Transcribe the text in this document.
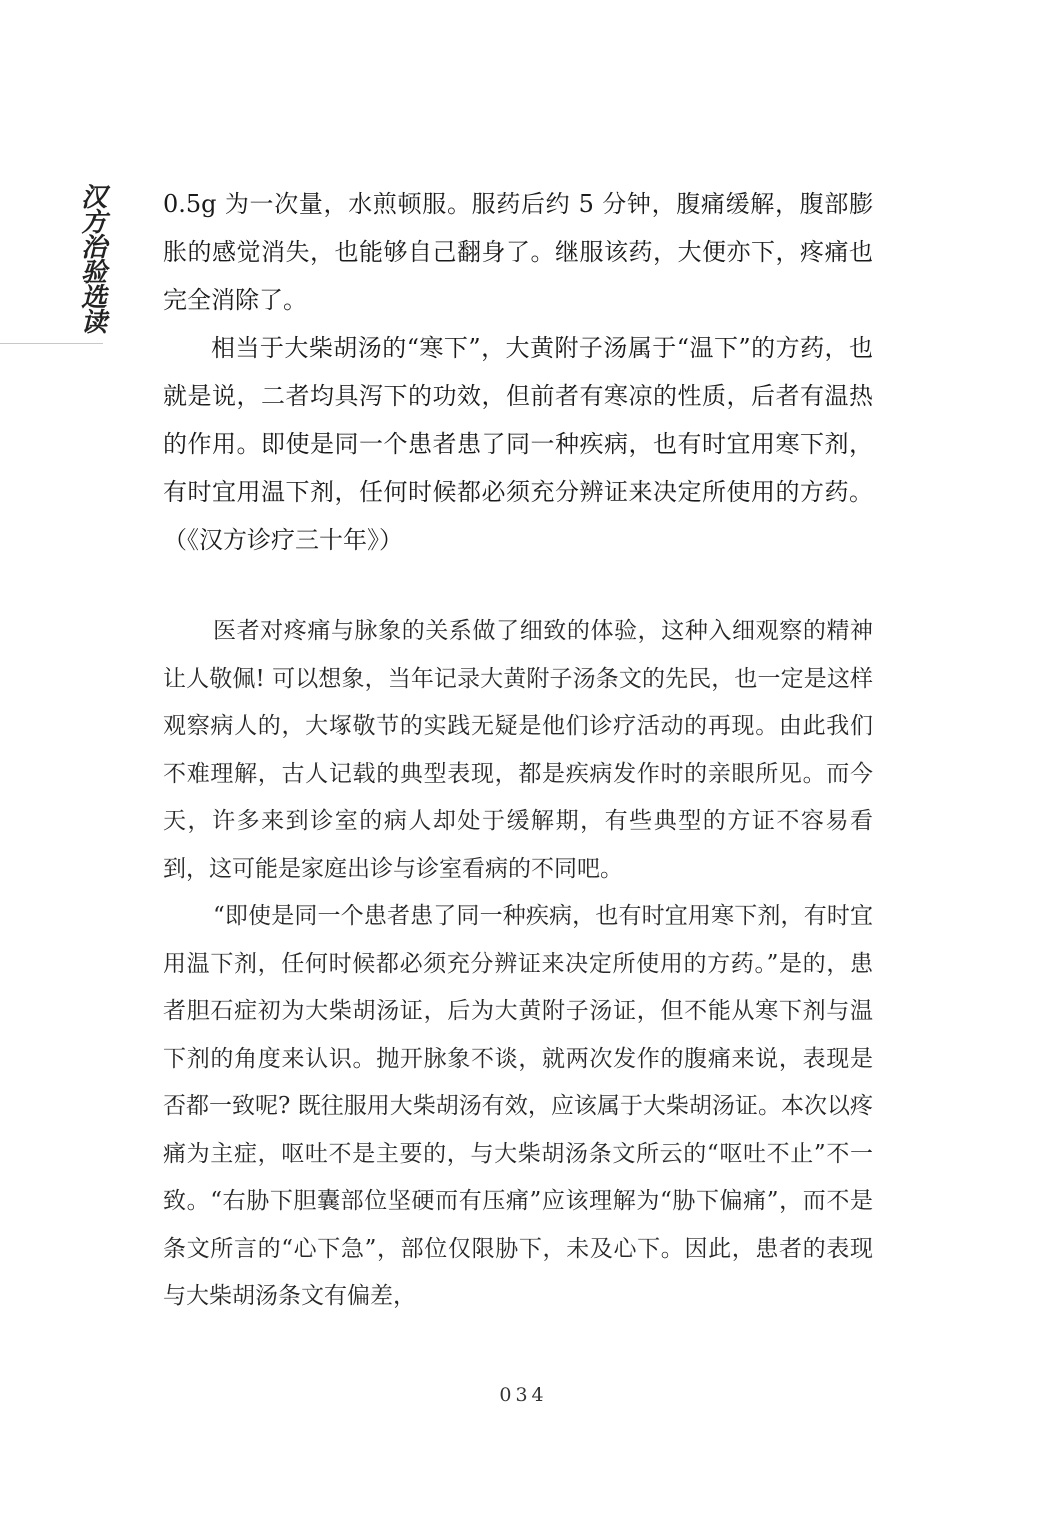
汉
方
治
验
选
读

0.5g 为一次量，水煎顿服。服药后约 5 分钟，腹痛缓解，腹部膨胀的感觉消失，也能够自己翻身了。继服该药，大便亦下，疼痛也完全消除了。

相当于大柴胡汤的“寒下”，大黄附子汤属于“温下”的方药，也就是说，二者均具泻下的功效，但前者有寒凉的性质，后者有温热的作用。即使是同一个患者患了同一种疾病，也有时宜用寒下剂，有时宜用温下剂，任何时候都必须充分辨证来决定所使用的方药。（《汉方诊疗三十年》）

医者对疼痛与脉象的关系做了细致的体验，这种入细观察的精神让人敬佩! 可以想象，当年记录大黄附子汤条文的先民，也一定是这样观察病人的，大塚敬节的实践无疑是他们诊疗活动的再现。由此我们不难理解，古人记载的典型表现，都是疾病发作时的亲眼所见。而今天，许多来到诊室的病人却处于缓解期，有些典型的方证不容易看到，这可能是家庭出诊与诊室看病的不同吧。

“即使是同一个患者患了同一种疾病，也有时宜用寒下剂，有时宜用温下剂，任何时候都必须充分辨证来决定所使用的方药。”是的，患者胆石症初为大柴胡汤证，后为大黄附子汤证，但不能从寒下剂与温下剂的角度来认识。抛开脉象不谈，就两次发作的腹痛来说，表现是否都一致呢? 既往服用大柴胡汤有效，应该属于大柴胡汤证。本次以疼痛为主症，呕吐不是主要的，与大柴胡汤条文所云的“呕吐不止”不一致。“右胁下胆囊部位坚硬而有压痛”应该理解为“胁下偏痛”，而不是条文所言的“心下急”，部位仅限胁下，未及心下。因此，患者的表现与大柴胡汤条文有偏差，

034
